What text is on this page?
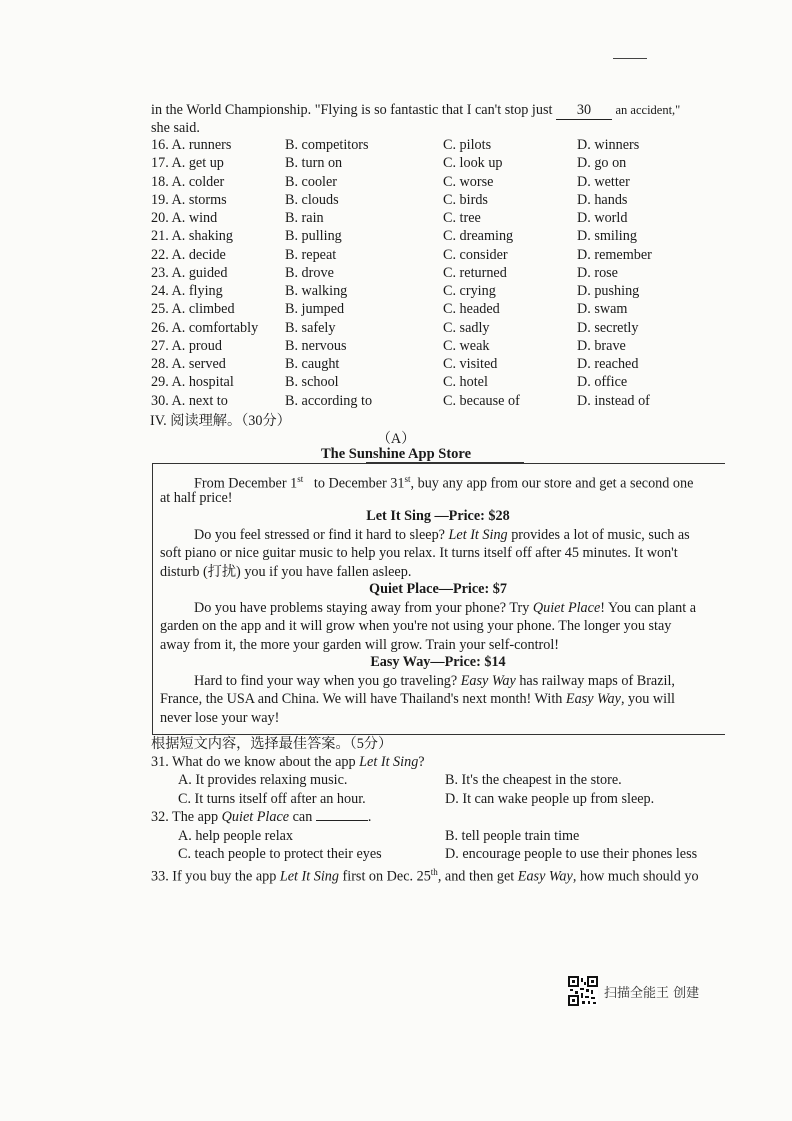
in the World Championship. "Flying is so fantastic that I can't stop just 30 an accident,"
she said.
16. A. runners	B. competitors	C. pilots	D. winners
17. A. get up	B. turn on	C. look up	D. go on
18. A. colder	B. cooler	C. worse	D. wetter
19. A. storms	B. clouds	C. birds	D. hands
20. A. wind	B. rain	C. tree	D. world
21. A. shaking	B. pulling	C. dreaming	D. smiling
22. A. decide	B. repeat	C. consider	D. remember
23. A. guided	B. drove	C. returned	D. rose
24. A. flying	B. walking	C. crying	D. pushing
25. A. climbed	B. jumped	C. headed	D. swam
26. A. comfortably B. safely	C. sadly	D. secretly
27. A. proud	B. nervous	C. weak	D. brave
28. A. served	B. caught	C. visited	D. reached
29. A. hospital	B. school	C. hotel	D. office
30. A. next to	B. according to	C. because of	D. instead of
IV. 阅读理解。（30分）
（A）
The Sunshine App Store
From December 1st to December 31st, buy any app from our store and get a second one
at half price!
Let It Sing —Price: $28
Do you feel stressed or find it hard to sleep? Let It Sing provides a lot of music, such as
soft piano or nice guitar music to help you relax. It turns itself off after 45 minutes. It won't
disturb (打扰) you if you have fallen asleep.
Quiet Place—Price: $7
Do you have problems staying away from your phone? Try Quiet Place! You can plant a
garden on the app and it will grow when you're not using your phone. The longer you stay
away from it, the more your garden will grow. Train your self-control!
Easy Way—Price: $14
Hard to find your way when you go traveling? Easy Way has railway maps of Brazil,
France, the USA and China. We will have Thailand's next month! With Easy Way, you will
never lose your way!
根据短文内容，选择最佳答案。（5分）
31. What do we know about the app Let It Sing?
A. It provides relaxing music.	B. It's the cheapest in the store.
C. It turns itself off after an hour.	D. It can wake people up from sleep.
32. The app Quiet Place can	.
A. help people relax	B. tell people train time
C. teach people to protect their eyes	D. encourage people to use their phones less
33. If you buy the app Let It Sing first on Dec. 25th, and then get Easy Way, how much should yo
扫描全能王 创建
